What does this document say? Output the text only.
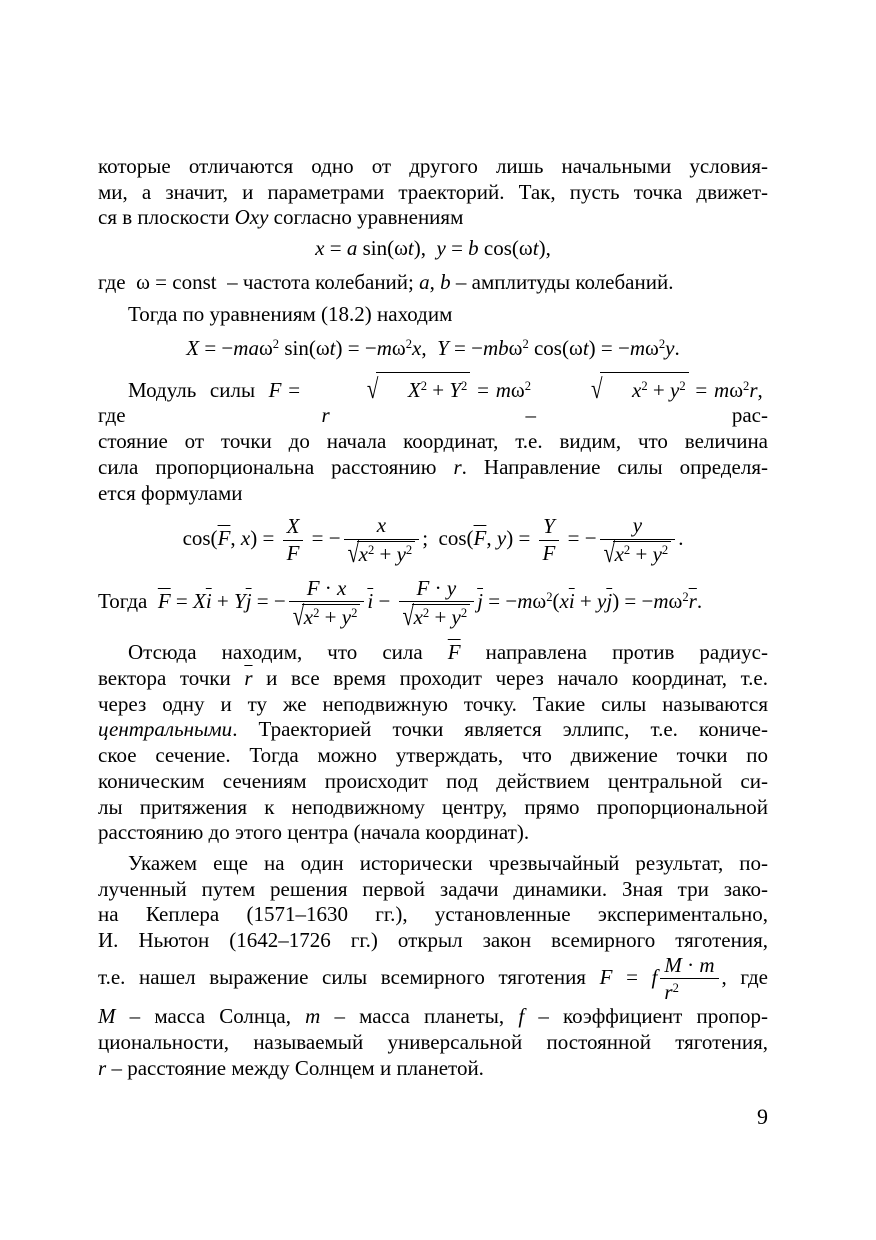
которые отличаются одно от другого лишь начальными условия-
ми, а значит, и параметрами траекторий. Так, пусть точка движет-
ся в плоскости Oxy согласно уравнениям
x = a sin(ωt),  y = b cos(ωt),
где  ω = const  – частота колебаний; a, b – амплитуды колебаний.
Тогда по уравнениям (18.2) находим
X = −maω$^2$ $\sin(\omega t) = -m\omega^2x$,  Y = −mbω$^2$ $\cos(\omega t) = -m\omega^2y$.
Модуль  силы  F =	√ $X^2 + Y^2 = m\omega^2$	√ $x^2 + y^2 = m\omega^2r$,  где  r  –  рас-
стояние от точки до начала координат, т.е. видим, что величина
сила пропорциональна расстоянию r. Направление силы определя-
ется формулами
$\cos(\overline{F}$, $x) = \frac{X}{F}$ = − $\frac{x}{√x^2 + y^2}$ ;  $\cos(\overline{F}$, $y) = \frac{Y}{F}$ = − $\frac{y}{√x^2 + y^2}$ .
Тогда  $\overline{F} = X\overline{i} + Y\overline{j}$ = − $\frac{F \cdot x}{√x^2 + y^2} \overline{i} - \frac{F \cdot y}{√x^2 + y^2} \overline{j} = -m\omega^2(x\overline{i} + y\overline{j}) = -m\omega^2\overline{r}$.
Отсюда находим, что сила $\overline{F}$ направлена против радиус-
вектора точки $\overline{r}$ и все время проходит через начало координат, т.е.
через одну и ту же неподвижную точку. Такие силы называются
центральными. Траекторией точки является эллипс, т.е. кониче-
ское сечение. Тогда можно утверждать, что движение точки по
коническим сечениям происходит под действием центральной си-
лы притяжения к неподвижному центру, прямо пропорциональной
расстоянию до этого центра (начала координат).
Укажем еще на один исторически чрезвычайный результат, по-
лученный путем решения первой задачи динамики. Зная три зако-
на Кеплера (1571–1630 гг.), установленные экспериментально,
И. Ньютон (1642–1726 гг.) открыл закон всемирного тяготения,
т.е. нашел выражение силы всемирного тяготения F = f $\frac{M \cdot m}{r^2}$ , где
M – масса Солнца, m – масса планеты, f – коэффициент пропор-
циональности, называемый универсальной постоянной тяготения,
r – расстояние между Солнцем и планетой.
9
